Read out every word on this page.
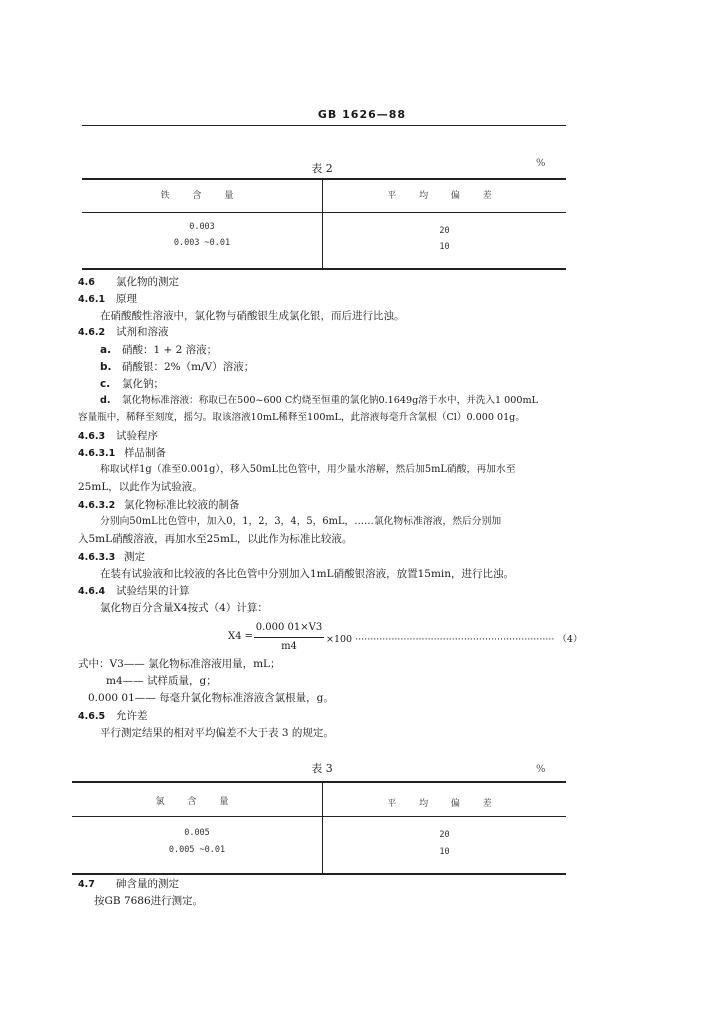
GB 1626—88
表 2	%
铁 含 量	平 均 偏 差
0.003	20
0.003 ~0.01	10
4.6 氯化物的测定
4.6.1 原理
在硝酸酸性溶液中，氯化物与硝酸银生成氯化银，而后进行比浊。
4.6.2 试剂和溶液
a. 硝酸：1 + 2 溶液；
b. 硝酸银：2%（m/V）溶液；
c. 氯化钠；
d. 氯化物标准溶液：称取已在500~600 C灼烧至恒重的氯化钠0.1649g溶于水中，并洗入1 000mL
容量瓶中，稀释至刻度，摇匀。取该溶液10mL稀释至100mL，此溶液每毫升含氯根（Cl）0.000 01g。
4.6.3 试验程序
4.6.3.1 样品制备
称取试样1g（准至0.001g），移入50mL比色管中，用少量水溶解，然后加5mL硝酸，再加水至
25mL，以此作为试验液。
4.6.3.2 氯化物标准比较液的制备
分别向50mL比色管中，加入0，1，2，3，4，5，6mL，……氯化物标准溶液，然后分别加
入5mL硝酸溶液，再加水至25mL，以此作为标准比较液。
4.6.3.3 测定
在装有试验液和比较液的各比色管中分别加入1mL硝酸银溶液，放置15min，进行比浊。
4.6.4 试验结果的计算
氯化物百分含量X4按式（4）计算：
X4 =
0.000 01×V3
m4
×100 ·································································· （4）
式中：V3—— 氯化物标准溶液用量，mL；
m4—— 试样质量，g；
0.000 01—— 每毫升氯化物标准溶液含氯根量，g。
4.6.5 允许差
平行测定结果的相对平均偏差不大于表 3 的规定。
表 3	%
氯 含 量	平 均 偏 差
0.005	20
0.005 ~0.01	10
4.7 砷含量的测定
按GB 7686进行测定。
